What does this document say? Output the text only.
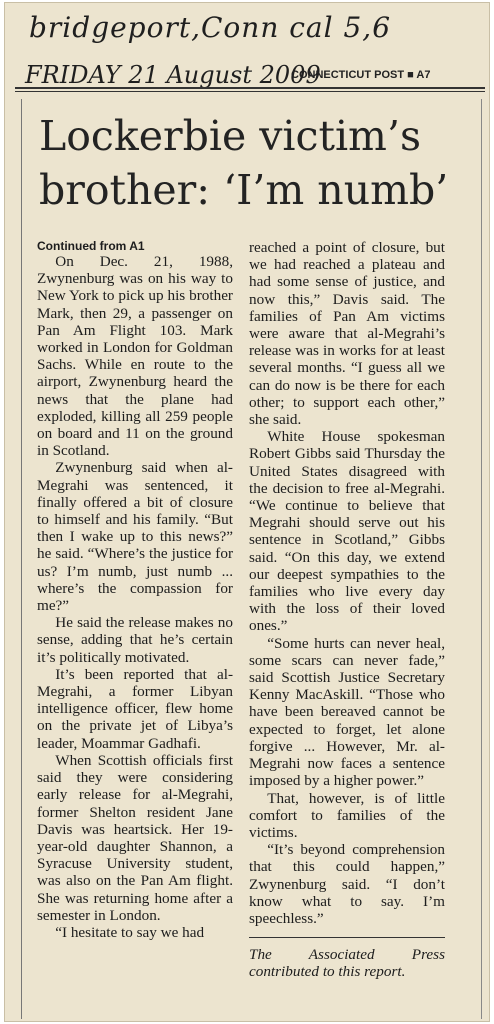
bridgeport,Conn cal 5,6
FRIDAY 21 August 2009
CONNECTICUT POST ■ A7
Lockerbie victim’s
brother: ‘I’m numb’
Continued from A1

On Dec. 21, 1988, Zwynenburg was on his way to New York to pick up his brother Mark, then 29, a passenger on Pan Am Flight 103. Mark worked in London for Goldman Sachs. While en route to the airport, Zwynenburg heard the news that the plane had exploded, killing all 259 people on board and 11 on the ground in Scotland.

Zwynenburg said when al-Megrahi was sentenced, it finally offered a bit of closure to himself and his family. “But then I wake up to this news?” he said. “Where’s the justice for us? I’m numb, just numb ... where’s the compassion for me?”

He said the release makes no sense, adding that he’s certain it’s politically motivated.

It’s been reported that al-Megrahi, a former Libyan intelligence officer, flew home on the private jet of Libya’s leader, Moammar Gadhafi.

When Scottish officials first said they were considering early release for al-Megrahi, former Shelton resident Jane Davis was heartsick. Her 19-year-old daughter Shannon, a Syracuse University student, was also on the Pan Am flight. She was returning home after a semester in London.

“I hesitate to say we had

reached a point of closure, but we had reached a plateau and had some sense of justice, and now this,” Davis said. The families of Pan Am victims were aware that al-Megrahi’s release was in works for at least several months. “I guess all we can do now is be there for each other; to support each other,” she said.

White House spokesman Robert Gibbs said Thursday the United States disagreed with the decision to free al-Megrahi. “We continue to believe that Megrahi should serve out his sentence in Scotland,” Gibbs said. “On this day, we extend our deepest sympathies to the families who live every day with the loss of their loved ones.”

“Some hurts can never heal, some scars can never fade,” said Scottish Justice Secretary Kenny MacAskill. “Those who have been bereaved cannot be expected to forget, let alone forgive ... However, Mr. al-Megrahi now faces a sentence imposed by a higher power.”

That, however, is of little comfort to families of the victims.

“It’s beyond comprehension that this could happen,” Zwynenburg said. “I don’t know what to say. I’m speechless.”

The Associated Press contributed to this report.
